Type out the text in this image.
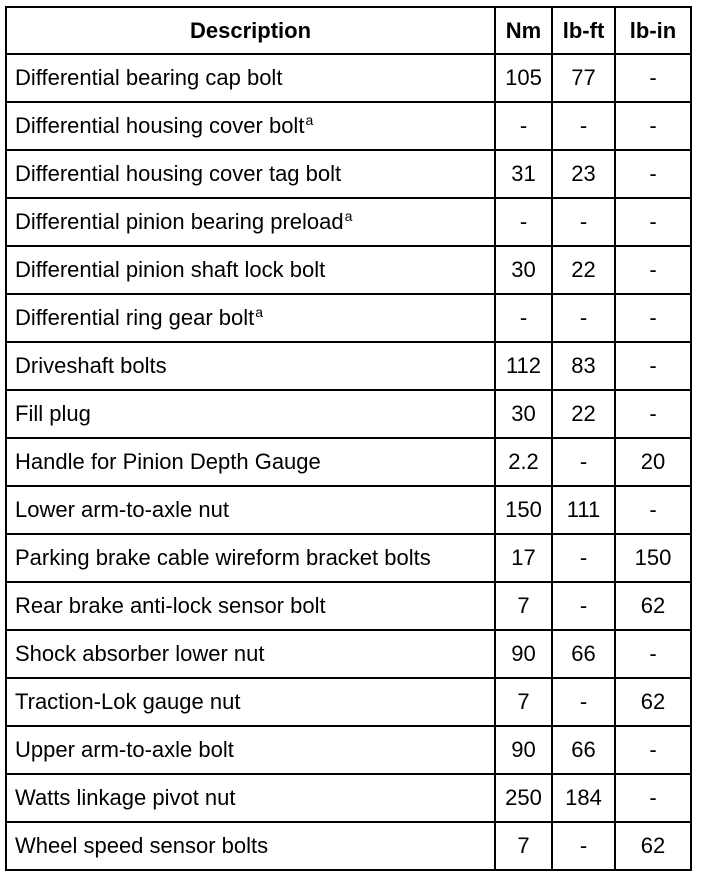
Description	Nm	lb-ft	lb-in
Differential bearing cap bolt	105	77	-
Differential housing cover bolt$^a$	-	-	-
Differential housing cover tag bolt	31	23	-
Differential pinion bearing preload$^a$	-	-	-
Differential pinion shaft lock bolt	30	22	-
Differential ring gear bolt$^a$	-	-	-
Driveshaft bolts	112	83	-
Fill plug	30	22	-
Handle for Pinion Depth Gauge	2.2	-	20
Lower arm-to-axle nut	150	111	-
Parking brake cable wireform bracket bolts	17	-	150
Rear brake anti-lock sensor bolt	7	-	62
Shock absorber lower nut	90	66	-
Traction-Lok gauge nut	7	-	62
Upper arm-to-axle bolt	90	66	-
Watts linkage pivot nut	250	184	-
Wheel speed sensor bolts	7	-	62
